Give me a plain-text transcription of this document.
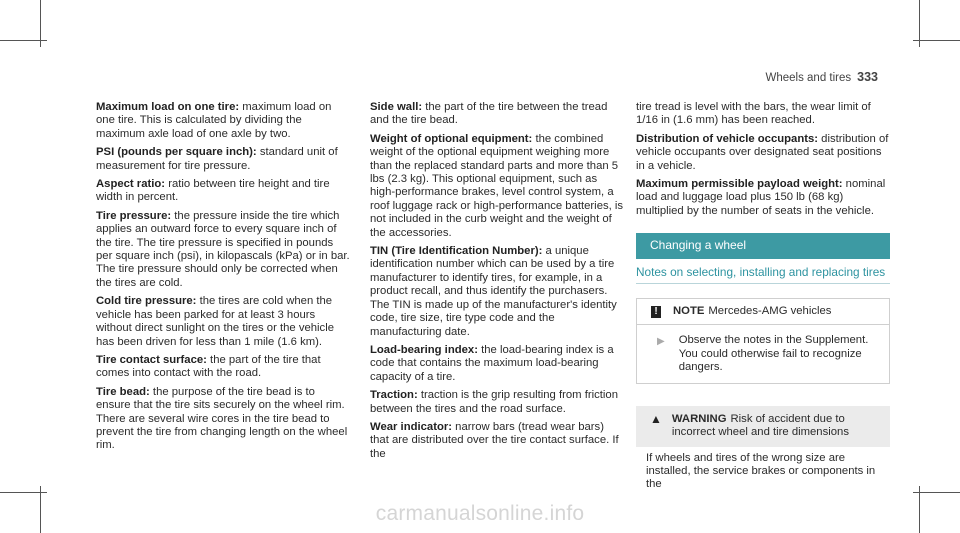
Wheels and tires 333

Maximum load on one tire: maximum load on one tire. This is calculated by dividing the maximum axle load of one axle by two.

PSI (pounds per square inch): standard unit of measurement for tire pressure.

Aspect ratio: ratio between tire height and tire width in percent.

Tire pressure: the pressure inside the tire which applies an outward force to every square inch of the tire. The tire pressure is specified in pounds per square inch (psi), in kilopascals (kPa) or in bar. The tire pressure should only be corrected when the tires are cold.

Cold tire pressure: the tires are cold when the vehicle has been parked for at least 3 hours without direct sunlight on the tires or the vehicle has been driven for less than 1 mile (1.6 km).

Tire contact surface: the part of the tire that comes into contact with the road.

Tire bead: the purpose of the tire bead is to ensure that the tire sits securely on the wheel rim. There are several wire cores in the tire bead to prevent the tire from changing length on the wheel rim.

Side wall: the part of the tire between the tread and the tire bead.

Weight of optional equipment: the combined weight of the optional equipment weighing more than the replaced standard parts and more than 5 lbs (2.3 kg). This optional equipment, such as high-performance brakes, level control system, a roof luggage rack or high-performance batteries, is not included in the curb weight and the weight of the accessories.

TIN (Tire Identification Number): a unique identification number which can be used by a tire manufacturer to identify tires, for example, in a product recall, and thus identify the purchasers. The TIN is made up of the manufacturer's identity code, tire size, tire type code and the manufacturing date.

Load-bearing index: the load-bearing index is a code that contains the maximum load-bearing capacity of a tire.

Traction: traction is the grip resulting from friction between the tires and the road surface.

Wear indicator: narrow bars (tread wear bars) that are distributed over the tire contact surface. If the

tire tread is level with the bars, the wear limit of 1/16 in (1.6 mm) has been reached.

Distribution of vehicle occupants: distribution of vehicle occupants over designated seat positions in a vehicle.

Maximum permissible payload weight: nominal load and luggage load plus 150 lb (68 kg) multiplied by the number of seats in the vehicle.

Changing a wheel
Notes on selecting, installing and replacing tires
! NOTE Mercedes-AMG vehicles
▶ Observe the notes in the Supplement. You could otherwise fail to recognize dangers.
▲ WARNING Risk of accident due to incorrect wheel and tire dimensions
If wheels and tires of the wrong size are installed, the service brakes or components in the
carmanualsonline.info
